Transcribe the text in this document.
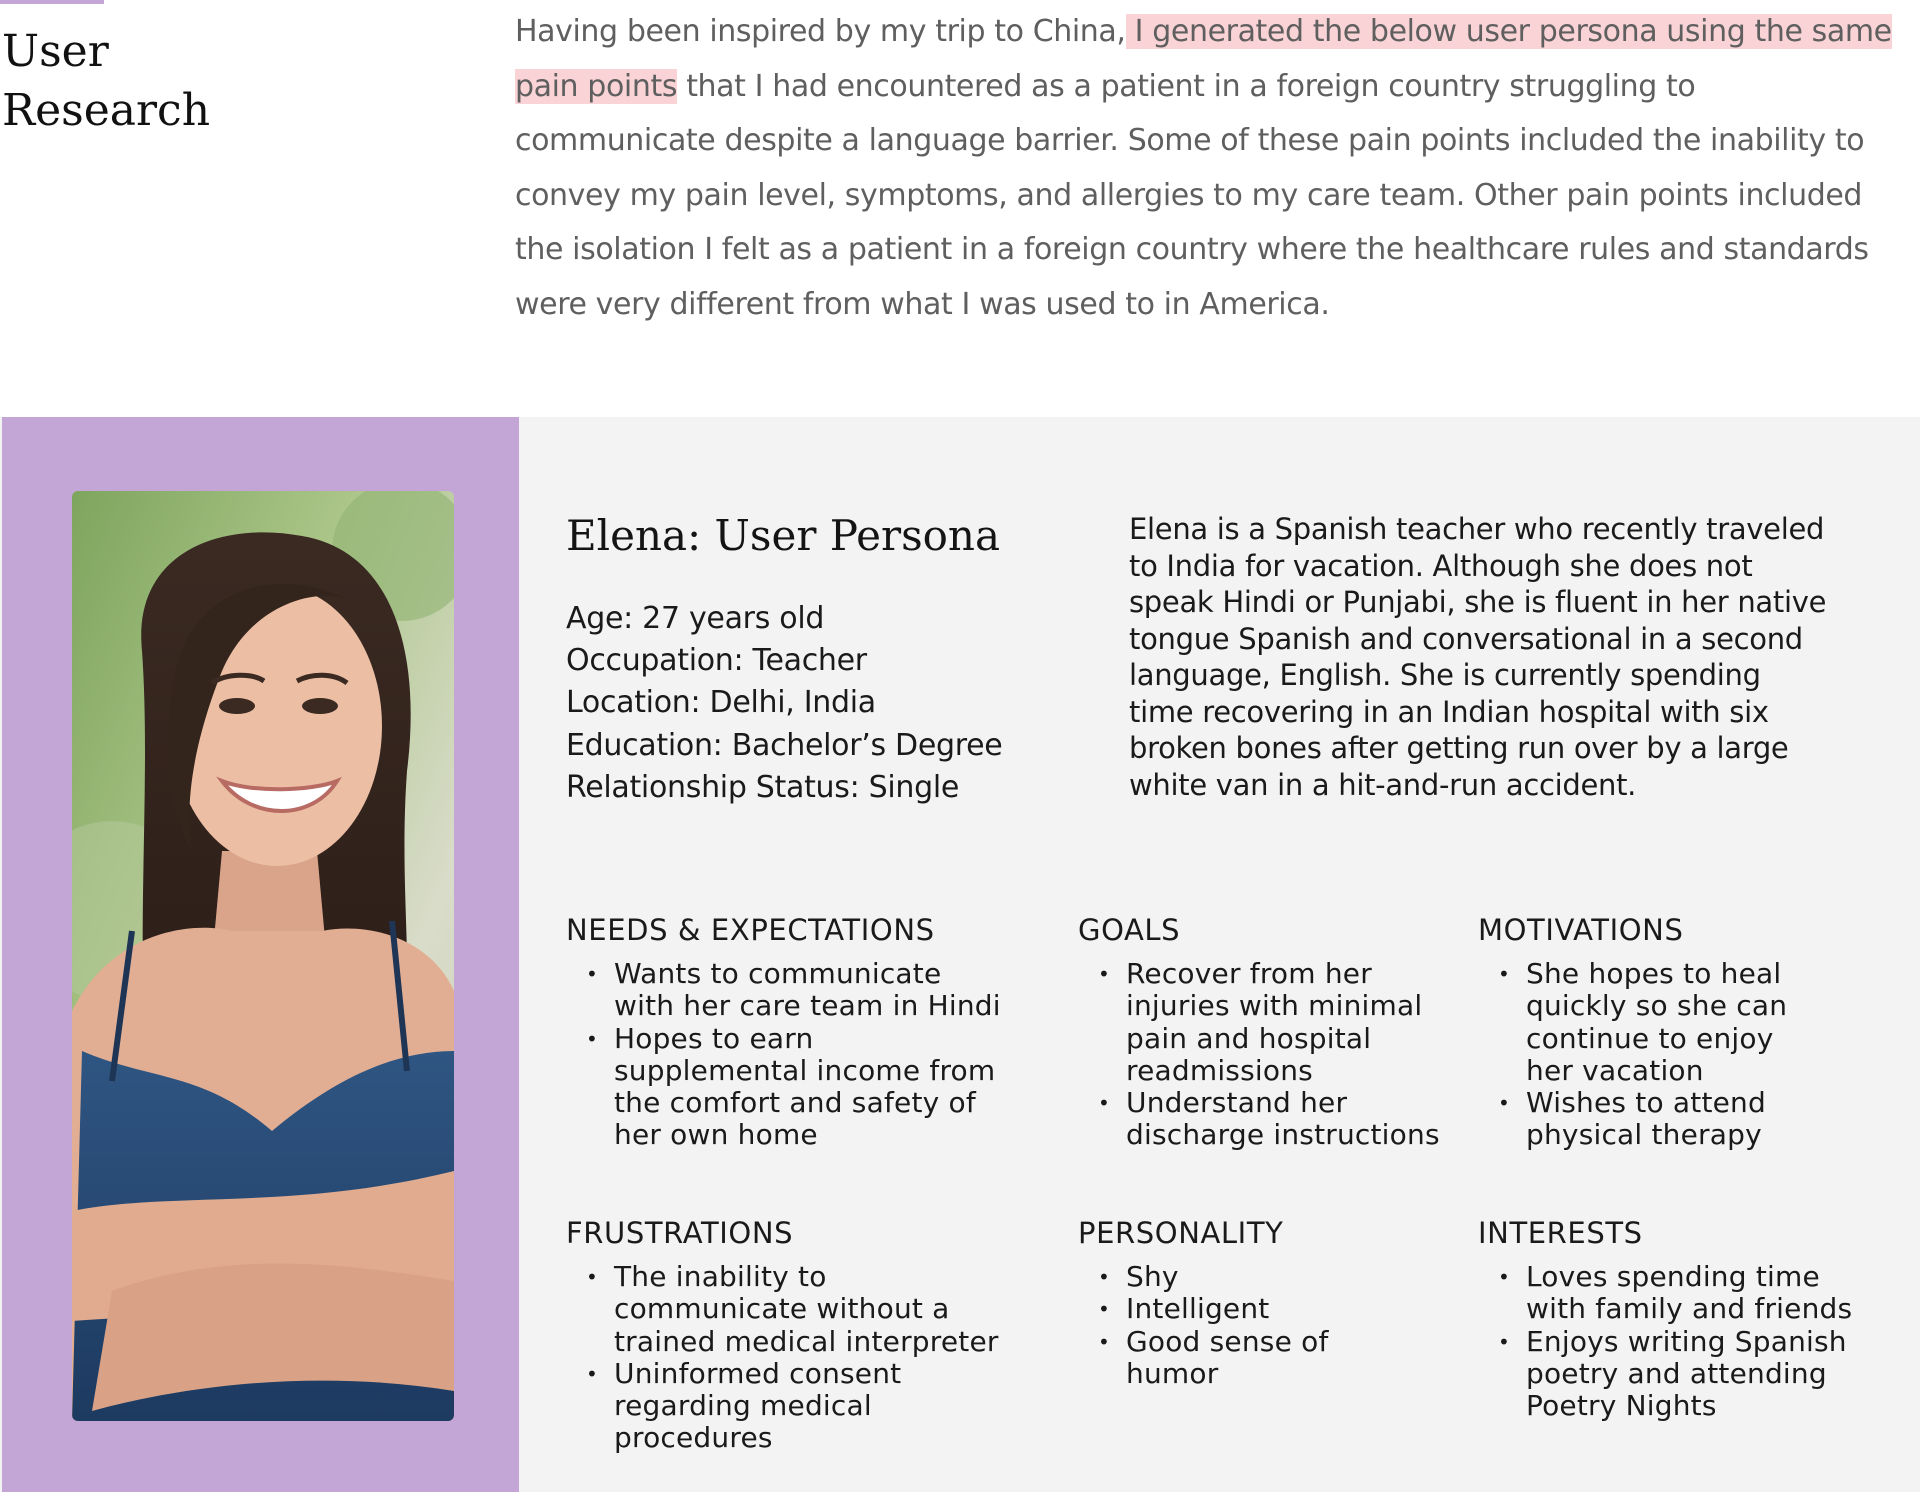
User
Research

Having been inspired by my trip to China, I generated the below user persona using the same
pain points that I had encountered as a patient in a foreign country struggling to
communicate despite a language barrier. Some of these pain points included the inability to
convey my pain level, symptoms, and allergies to my care team. Other pain points included
the isolation I felt as a patient in a foreign country where the healthcare rules and standards
were very different from what I was used to in America.

Elena: User Persona
Age: 27 years old
Occupation: Teacher
Location: Delhi, India
Education: Bachelor’s Degree
Relationship Status: Single

Elena is a Spanish teacher who recently traveled
to India for vacation. Although she does not
speak Hindi or Punjabi, she is fluent in her native
tongue Spanish and conversational in a second
language, English. She is currently spending
time recovering in an Indian hospital with six
broken bones after getting run over by a large
white van in a hit-and-run accident.

NEEDS & EXPECTATIONS
• Wants to communicate
with her care team in Hindi
• Hopes to earn
supplemental income from
the comfort and safety of
her own home
GOALS
• Recover from her
injuries with minimal
pain and hospital
readmissions
• Understand her
discharge instructions
MOTIVATIONS
• She hopes to heal
quickly so she can
continue to enjoy
her vacation
• Wishes to attend
physical therapy
FRUSTRATIONS
• The inability to
communicate without a
trained medical interpreter
• Uninformed consent
regarding medical
procedures
PERSONALITY
• Shy
• Intelligent
• Good sense of
humor
INTERESTS
• Loves spending time
with family and friends
• Enjoys writing Spanish
poetry and attending
Poetry Nights
